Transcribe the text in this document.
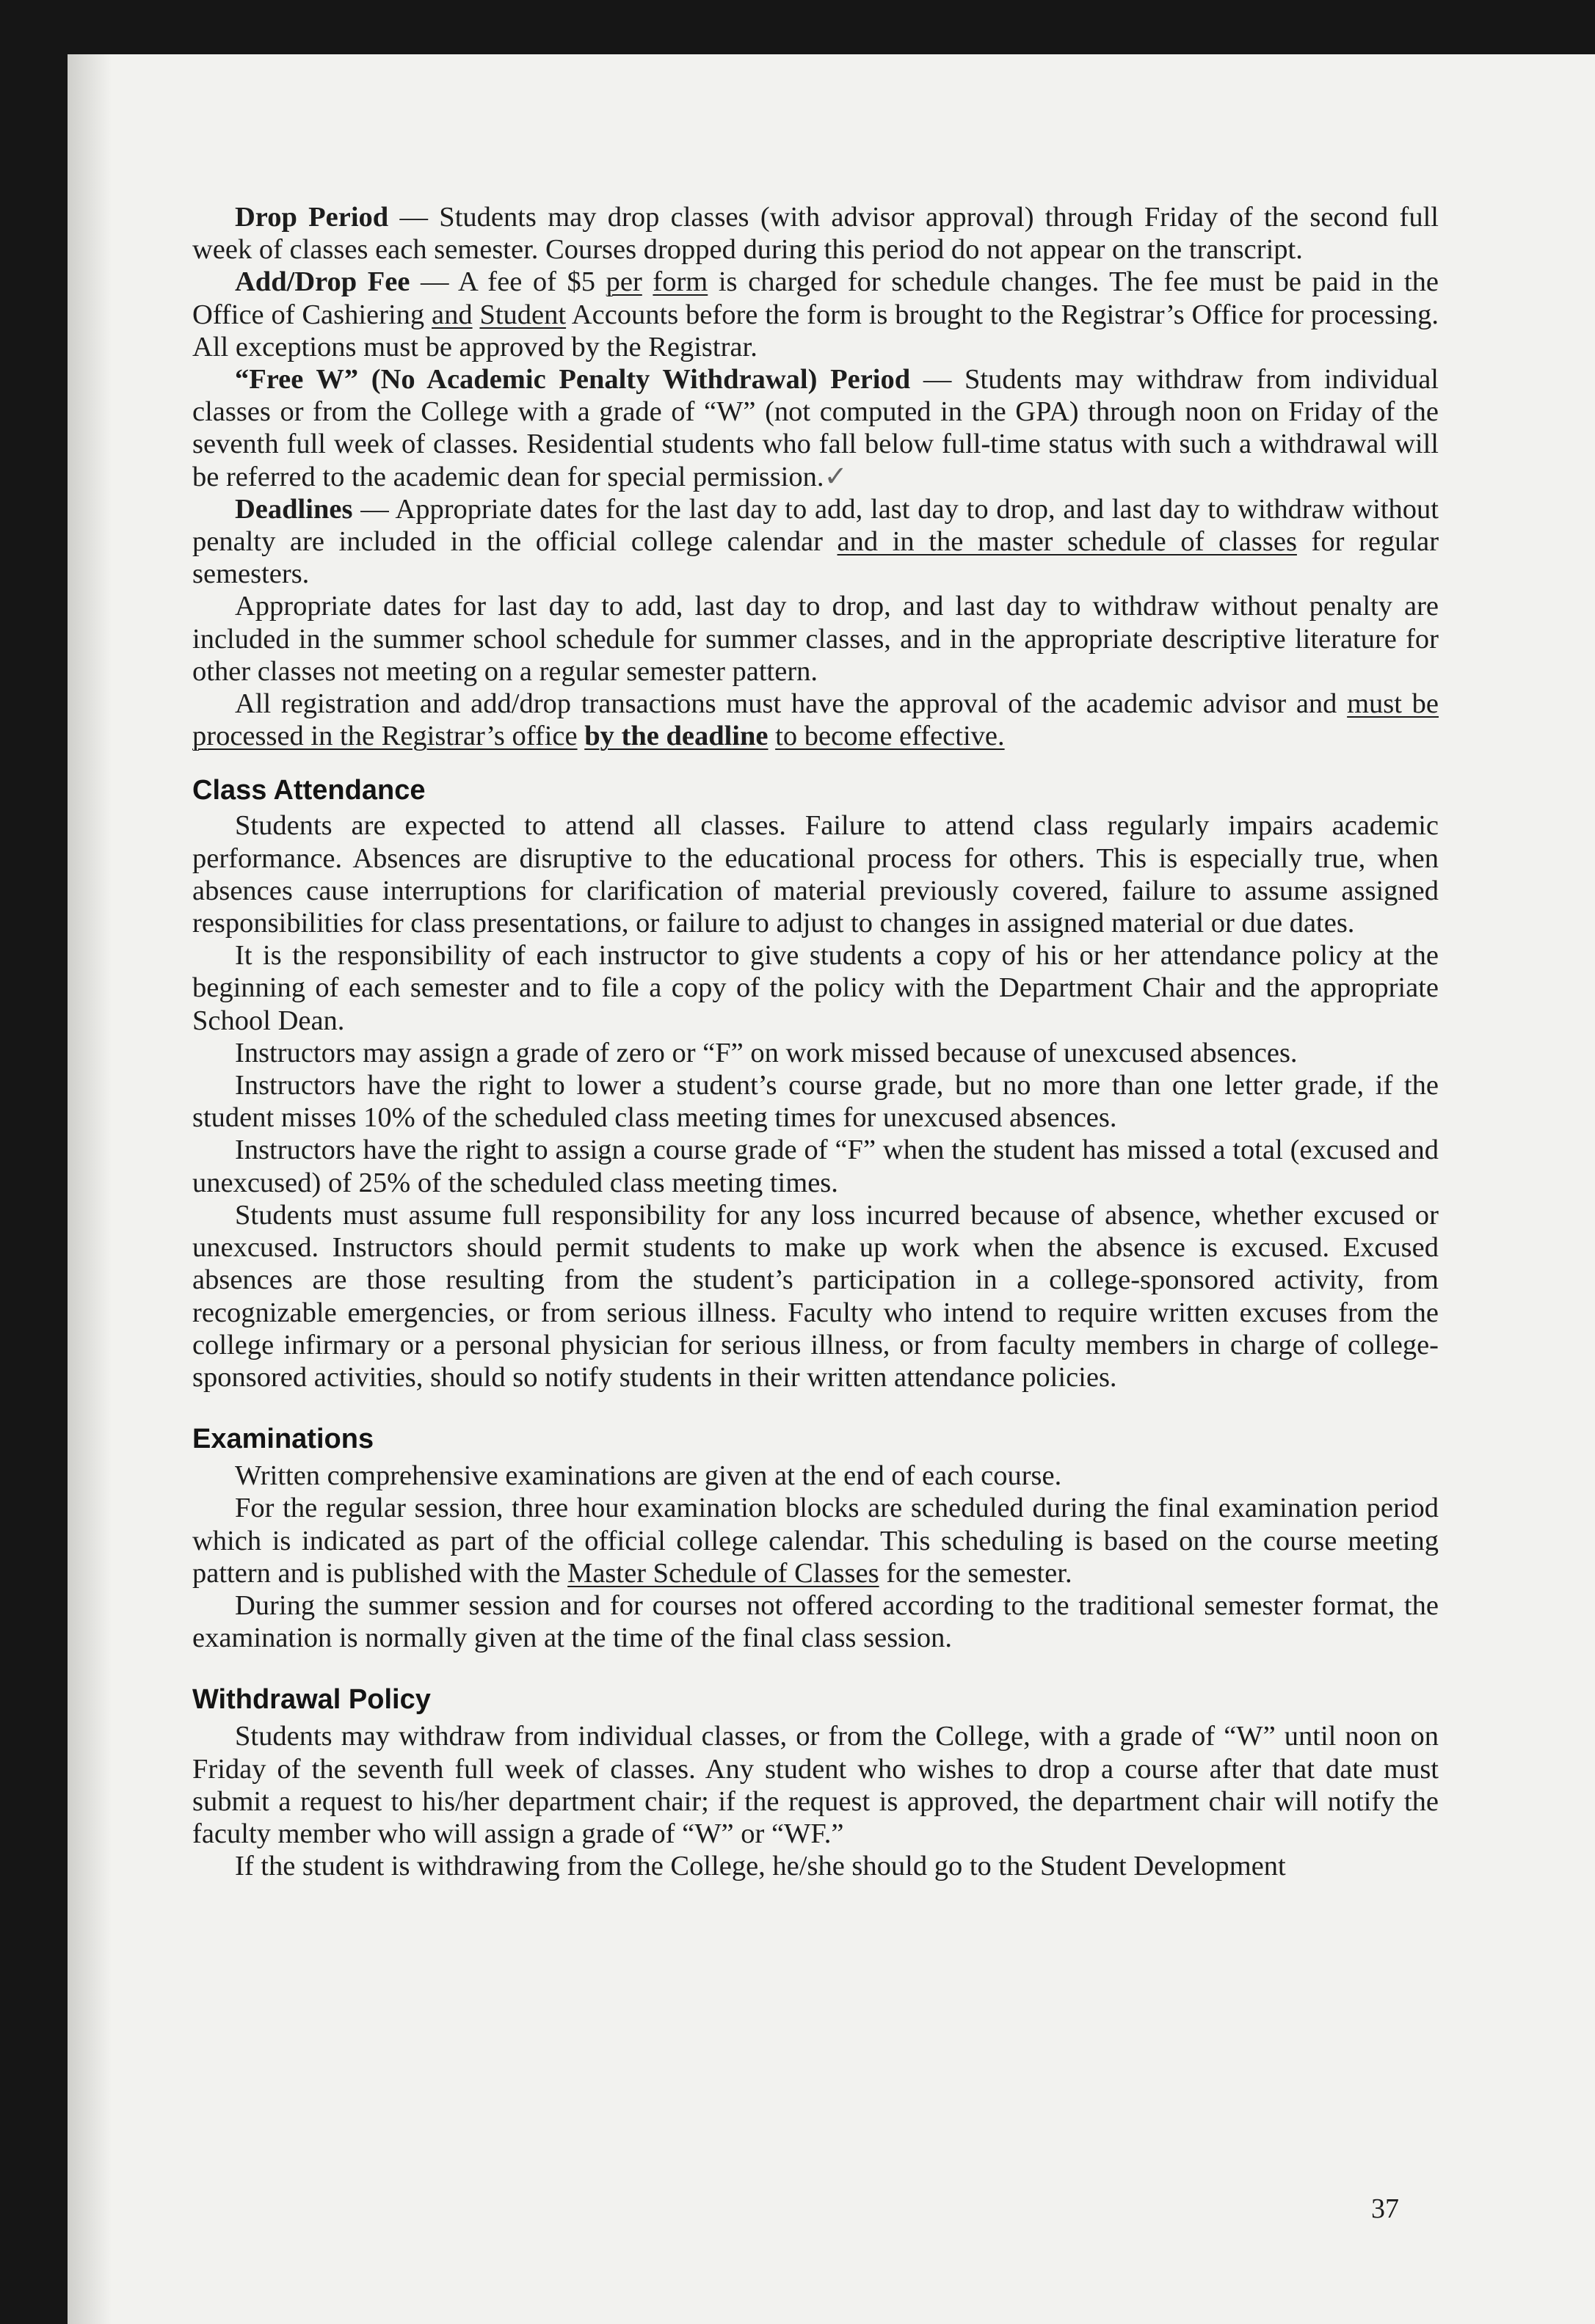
Drop Period — Students may drop classes (with advisor approval) through Friday of the second full week of classes each semester. Courses dropped during this period do not appear on the transcript.

Add/Drop Fee — A fee of $5 per form is charged for schedule changes. The fee must be paid in the Office of Cashiering and Student Accounts before the form is brought to the Registrar’s Office for processing. All exceptions must be approved by the Registrar.

“Free W” (No Academic Penalty Withdrawal) Period — Students may withdraw from individual classes or from the College with a grade of “W” (not computed in the GPA) through noon on Friday of the seventh full week of classes. Residential students who fall below full-time status with such a withdrawal will be referred to the academic dean for special permission.✓

Deadlines — Appropriate dates for the last day to add, last day to drop, and last day to withdraw without penalty are included in the official college calendar and in the master schedule of classes for regular semesters.

Appropriate dates for last day to add, last day to drop, and last day to withdraw without penalty are included in the summer school schedule for summer classes, and in the appropriate descriptive literature for other classes not meeting on a regular semester pattern.

All registration and add/drop transactions must have the approval of the academic advisor and must be processed in the Registrar’s office by the deadline to become effective.

Class Attendance

Students are expected to attend all classes. Failure to attend class regularly impairs academic performance. Absences are disruptive to the educational process for others. This is especially true, when absences cause interruptions for clarification of material previously covered, failure to assume assigned responsibilities for class presentations, or failure to adjust to changes in assigned material or due dates.

It is the responsibility of each instructor to give students a copy of his or her attendance policy at the beginning of each semester and to file a copy of the policy with the Department Chair and the appropriate School Dean.

Instructors may assign a grade of zero or “F” on work missed because of unexcused absences.

Instructors have the right to lower a student’s course grade, but no more than one letter grade, if the student misses 10% of the scheduled class meeting times for unexcused absences.

Instructors have the right to assign a course grade of “F” when the student has missed a total (excused and unexcused) of 25% of the scheduled class meeting times.

Students must assume full responsibility for any loss incurred because of absence, whether excused or unexcused. Instructors should permit students to make up work when the absence is excused. Excused absences are those resulting from the student’s participation in a college-sponsored activity, from recognizable emergencies, or from serious illness. Faculty who intend to require written excuses from the college infirmary or a personal physician for serious illness, or from faculty members in charge of college-sponsored activities, should so notify students in their written attendance policies.

Examinations

Written comprehensive examinations are given at the end of each course.

For the regular session, three hour examination blocks are scheduled during the final examination period which is indicated as part of the official college calendar. This scheduling is based on the course meeting pattern and is published with the Master Schedule of Classes for the semester.

During the summer session and for courses not offered according to the traditional semester format, the examination is normally given at the time of the final class session.

Withdrawal Policy

Students may withdraw from individual classes, or from the College, with a grade of “W” until noon on Friday of the seventh full week of classes. Any student who wishes to drop a course after that date must submit a request to his/her department chair; if the request is approved, the department chair will notify the faculty member who will assign a grade of “W” or “WF.”

If the student is withdrawing from the College, he/she should go to the Student Development

37
